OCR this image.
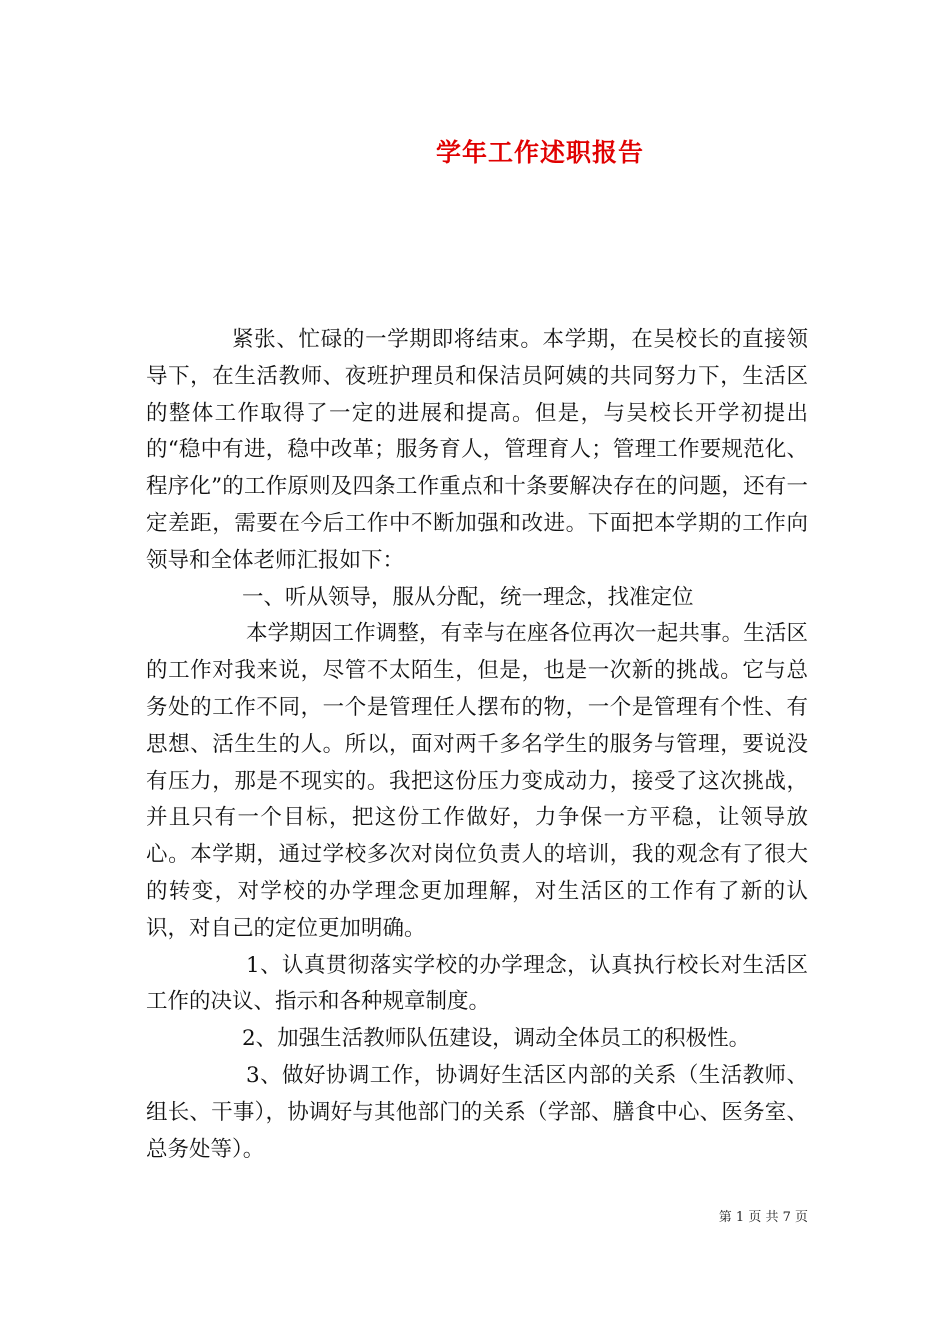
学年工作述职报告

紧张、忙碌的一学期即将结束。本学期，在吴校长的直接领导下，在生活教师、夜班护理员和保洁员阿姨的共同努力下，生活区的整体工作取得了一定的进展和提高。但是，与吴校长开学初提出的“稳中有进，稳中改革；服务育人，管理育人；管理工作要规范化、程序化”的工作原则及四条工作重点和十条要解决存在的问题，还有一定差距，需要在今后工作中不断加强和改进。下面把本学期的工作向领导和全体老师汇报如下：

一、听从领导，服从分配，统一理念，找准定位

本学期因工作调整，有幸与在座各位再次一起共事。生活区的工作对我来说，尽管不太陌生，但是，也是一次新的挑战。它与总务处的工作不同，一个是管理任人摆布的物，一个是管理有个性、有思想、活生生的人。所以，面对两千多名学生的服务与管理，要说没有压力，那是不现实的。我把这份压力变成动力，接受了这次挑战，并且只有一个目标，把这份工作做好，力争保一方平稳，让领导放心。本学期，通过学校多次对岗位负责人的培训，我的观念有了很大的转变，对学校的办学理念更加理解，对生活区的工作有了新的认识，对自己的定位更加明确。

1、认真贯彻落实学校的办学理念，认真执行校长对生活区工作的决议、指示和各种规章制度。

2、加强生活教师队伍建设，调动全体员工的积极性。

3、做好协调工作，协调好生活区内部的关系（生活教师、组长、干事），协调好与其他部门的关系（学部、膳食中心、医务室、总务处等）。

第 1 页 共 7 页
